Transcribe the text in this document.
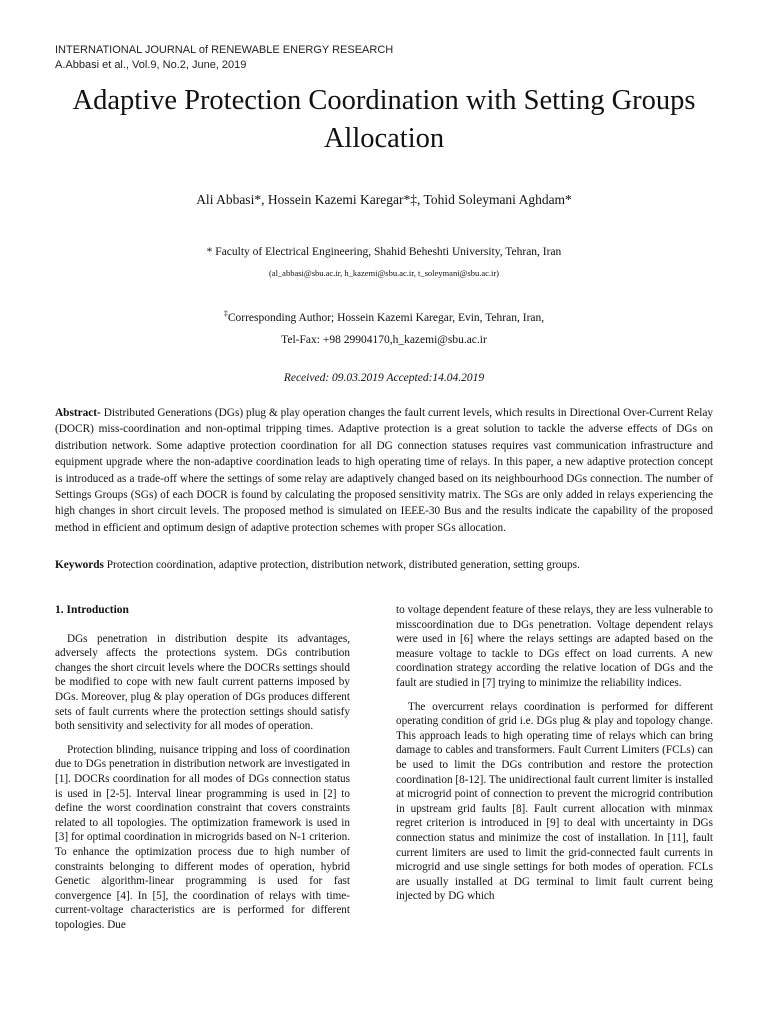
INTERNATIONAL JOURNAL of RENEWABLE ENERGY RESEARCH
A.Abbasi et al., Vol.9, No.2, June, 2019
Adaptive Protection Coordination with Setting Groups Allocation
Ali Abbasi*, Hossein Kazemi Karegar*‡, Tohid Soleymani Aghdam*
* Faculty of Electrical Engineering, Shahid Beheshti University, Tehran, Iran
(al_abbasi@sbu.ac.ir, h_kazemi@sbu.ac.ir, t_soleymani@sbu.ac.ir)
‡Corresponding Author; Hossein Kazemi Karegar, Evin, Tehran, Iran,
Tel-Fax: +98 29904170,h_kazemi@sbu.ac.ir
Received: 09.03.2019 Accepted:14.04.2019
Abstract- Distributed Generations (DGs) plug & play operation changes the fault current levels, which results in Directional Over-Current Relay (DOCR) miss-coordination and non-optimal tripping times. Adaptive protection is a great solution to tackle the adverse effects of DGs on distribution network. Some adaptive protection coordination for all DG connection statuses requires vast communication infrastructure and equipment upgrade where the non-adaptive coordination leads to high operating time of relays. In this paper, a new adaptive protection concept is introduced as a trade-off where the settings of some relay are adaptively changed based on its neighbourhood DGs connection. The number of Settings Groups (SGs) of each DOCR is found by calculating the proposed sensitivity matrix. The SGs are only added in relays experiencing the high changes in short circuit levels. The proposed method is simulated on IEEE-30 Bus and the results indicate the capability of the proposed method in efficient and optimum design of adaptive protection schemes with proper SGs allocation.
Keywords Protection coordination, adaptive protection, distribution network, distributed generation, setting groups.

1. Introduction

DGs penetration in distribution despite its advantages, adversely affects the protections system. DGs contribution changes the short circuit levels where the DOCRs settings should be modified to cope with new fault current patterns imposed by DGs. Moreover, plug & play operation of DGs produces different sets of fault currents where the protection settings should satisfy both sensitivity and selectivity for all modes of operation.

Protection blinding, nuisance tripping and loss of coordination due to DGs penetration in distribution network are investigated in [1]. DOCRs coordination for all modes of DGs connection status is used in [2-5]. Interval linear programming is used in [2] to define the worst coordination constraint that covers constraints related to all topologies. The optimization framework is used in [3] for optimal coordination in microgrids based on N-1 criterion. To enhance the optimization process due to high number of constraints belonging to different modes of operation, hybrid Genetic algorithm-linear programming is used for fast convergence [4]. In [5], the coordination of relays with time-current-voltage characteristics are is performed for different topologies. Due

to voltage dependent feature of these relays, they are less vulnerable to misscoordination due to DGs penetration. Voltage dependent relays were used in [6] where the relays settings are adapted based on the measure voltage to tackle to DGs effect on load currents. A new coordination strategy according the relative location of DGs and the fault are studied in [7] trying to minimize the reliability indices.

The overcurrent relays coordination is performed for different operating condition of grid i.e. DGs plug & play and topology change. This approach leads to high operating time of relays which can bring damage to cables and transformers. Fault Current Limiters (FCLs) can be used to limit the DGs contribution and restore the protection coordination [8-12]. The unidirectional fault current limiter is installed at microgrid point of connection to prevent the microgrid contribution in upstream grid faults [8]. Fault current allocation with minmax regret criterion is introduced in [9] to deal with uncertainty in DGs connection status and minimize the cost of installation. In [11], fault current limiters are used to limit the grid-connected fault currents in microgrid and use single settings for both modes of operation. FCLs are usually installed at DG terminal to limit fault current being injected by DG which
